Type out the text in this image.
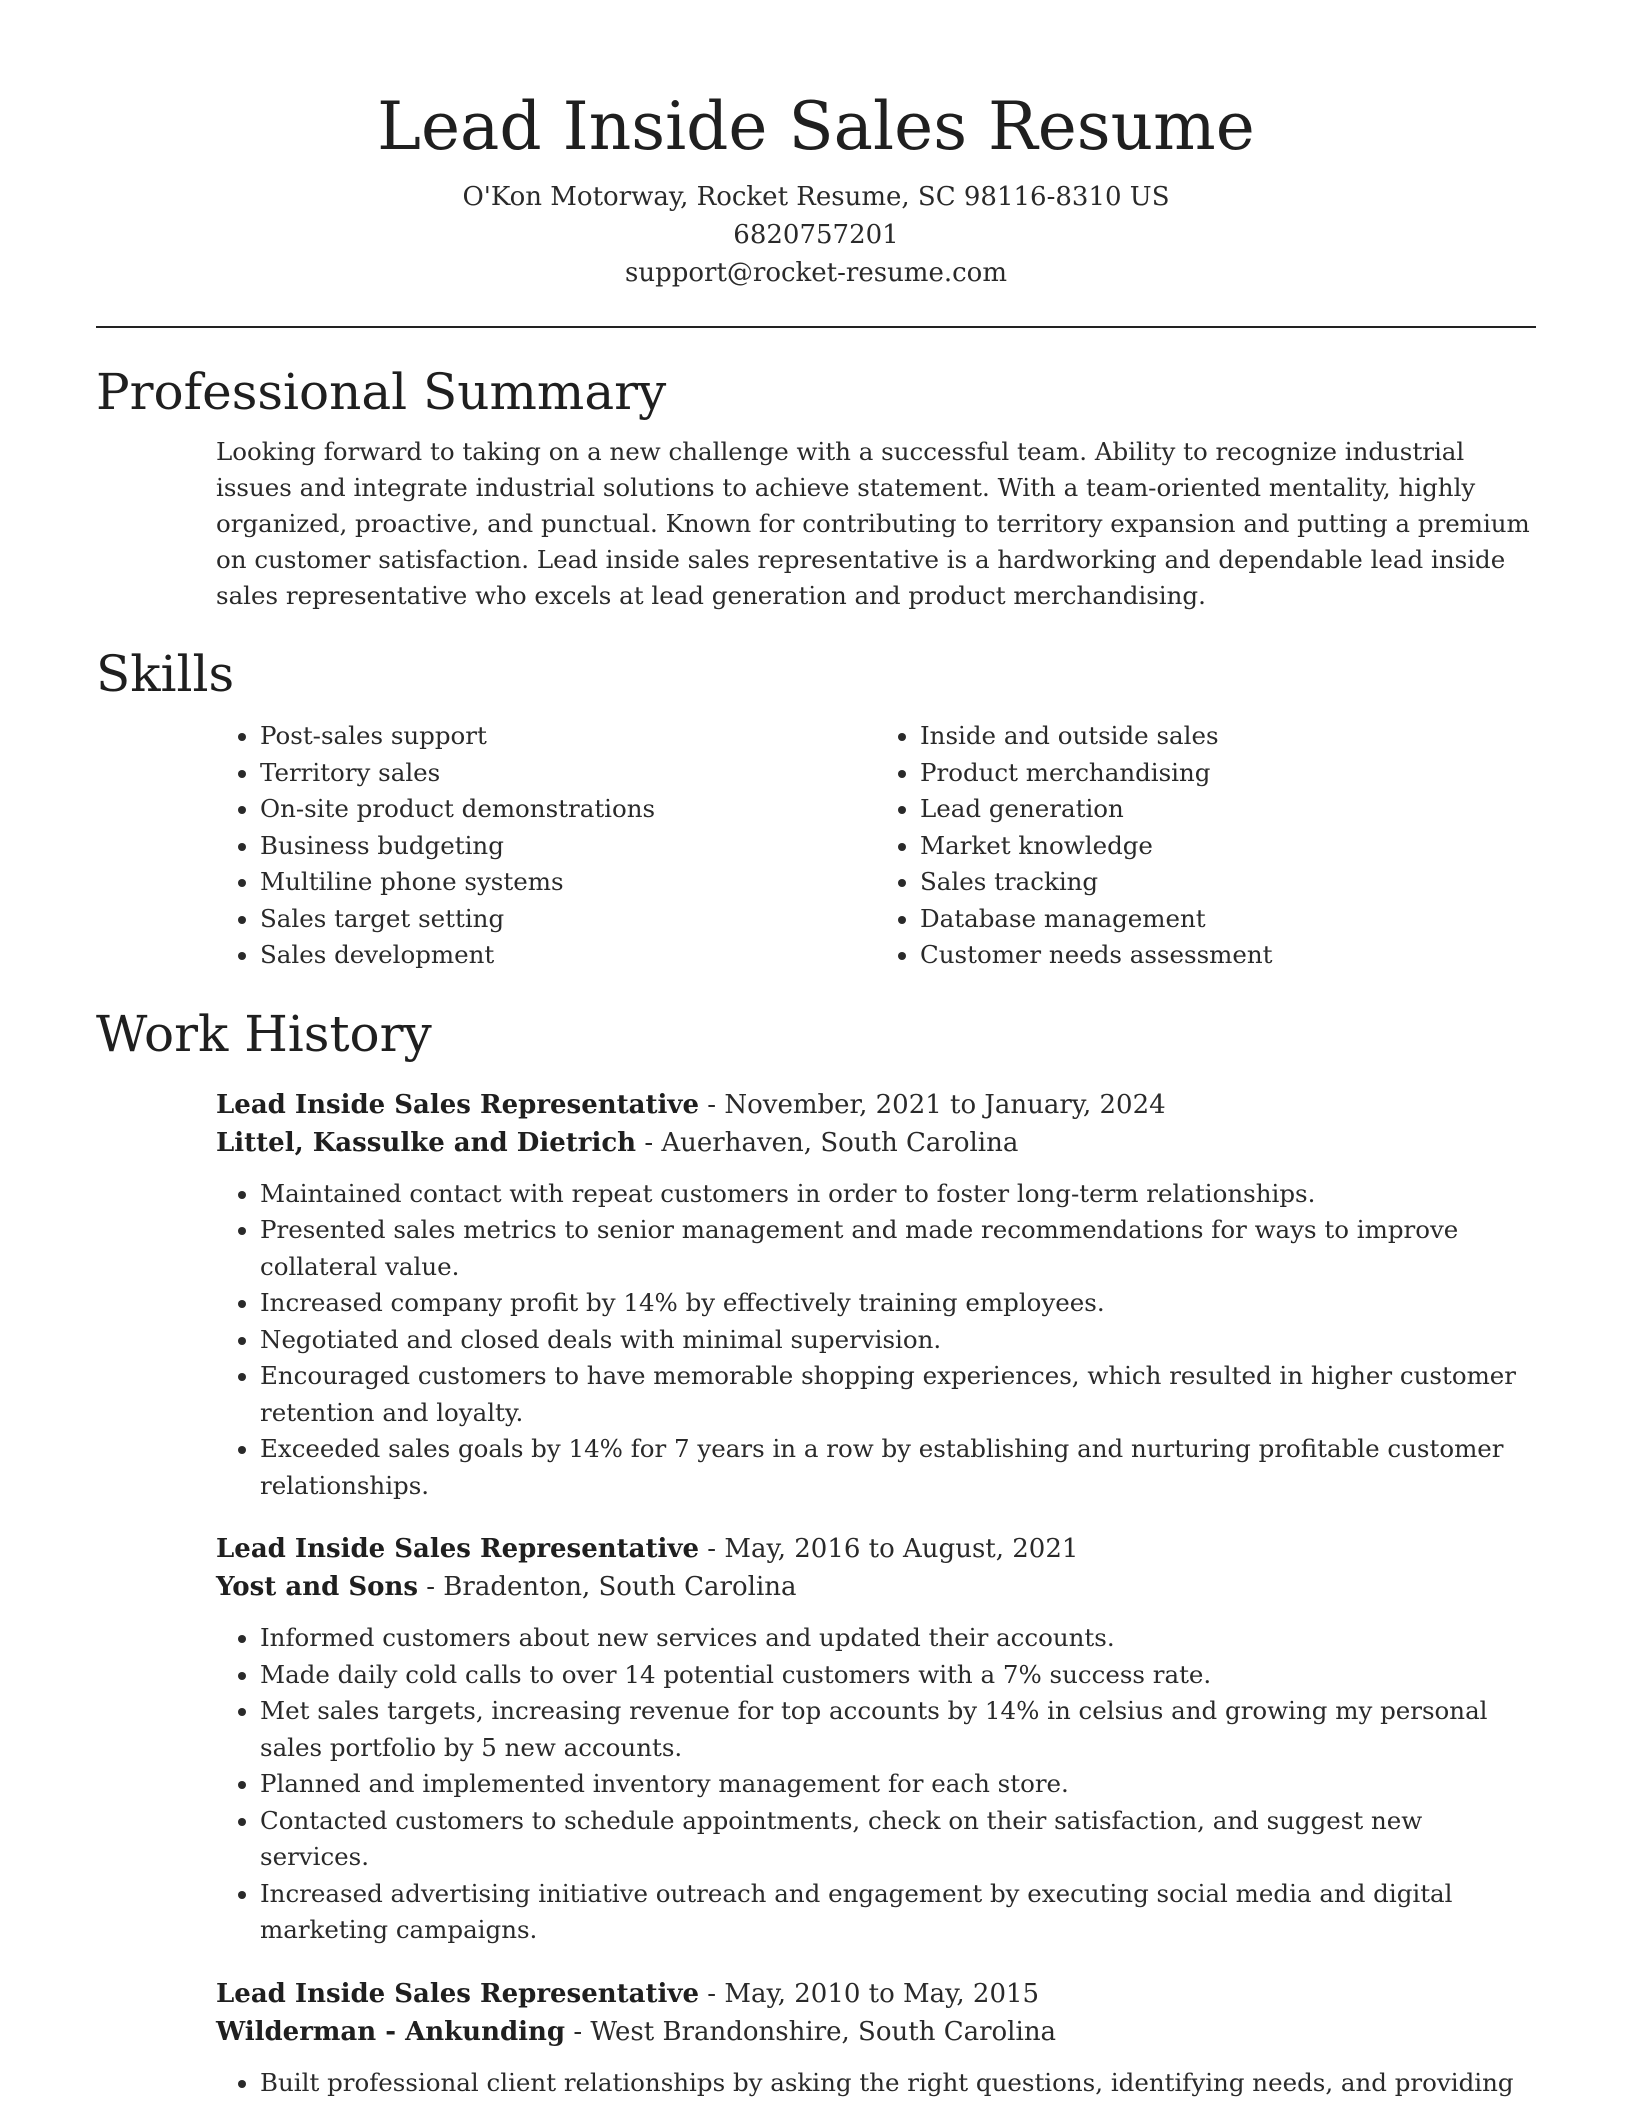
Lead Inside Sales Resume
O'Kon Motorway, Rocket Resume, SC 98116-8310 US
6820757201
support@rocket-resume.com
Professional Summary

Looking forward to taking on a new challenge with a successful team. Ability to recognize industrial issues and integrate industrial solutions to achieve statement. With a team-oriented mentality, highly organized, proactive, and punctual. Known for contributing to territory expansion and putting a premium on customer satisfaction. Lead inside sales representative is a hardworking and dependable lead inside sales representative who excels at lead generation and product merchandising.

Skills
• Post-sales support
• Territory sales
• On-site product demonstrations
• Business budgeting
• Multiline phone systems
• Sales target setting
• Sales development
• Inside and outside sales
• Product merchandising
• Lead generation
• Market knowledge
• Sales tracking
• Database management
• Customer needs assessment
Work History
Lead Inside Sales Representative - November, 2021 to January, 2024
Littel, Kassulke and Dietrich - Auerhaven, South Carolina
• Maintained contact with repeat customers in order to foster long-term relationships.
• Presented sales metrics to senior management and made recommendations for ways to improve collateral value.
• Increased company profit by 14% by effectively training employees.
• Negotiated and closed deals with minimal supervision.
• Encouraged customers to have memorable shopping experiences, which resulted in higher customer retention and loyalty.
• Exceeded sales goals by 14% for 7 years in a row by establishing and nurturing profitable customer relationships.
Lead Inside Sales Representative - May, 2016 to August, 2021
Yost and Sons - Bradenton, South Carolina
• Informed customers about new services and updated their accounts.
• Made daily cold calls to over 14 potential customers with a 7% success rate.
• Met sales targets, increasing revenue for top accounts by 14% in celsius and growing my personal sales portfolio by 5 new accounts.
• Planned and implemented inventory management for each store.
• Contacted customers to schedule appointments, check on their satisfaction, and suggest new services.
• Increased advertising initiative outreach and engagement by executing social media and digital marketing campaigns.
Lead Inside Sales Representative - May, 2010 to May, 2015
Wilderman - Ankunding - West Brandonshire, South Carolina
• Built professional client relationships by asking the right questions, identifying needs, and providing
